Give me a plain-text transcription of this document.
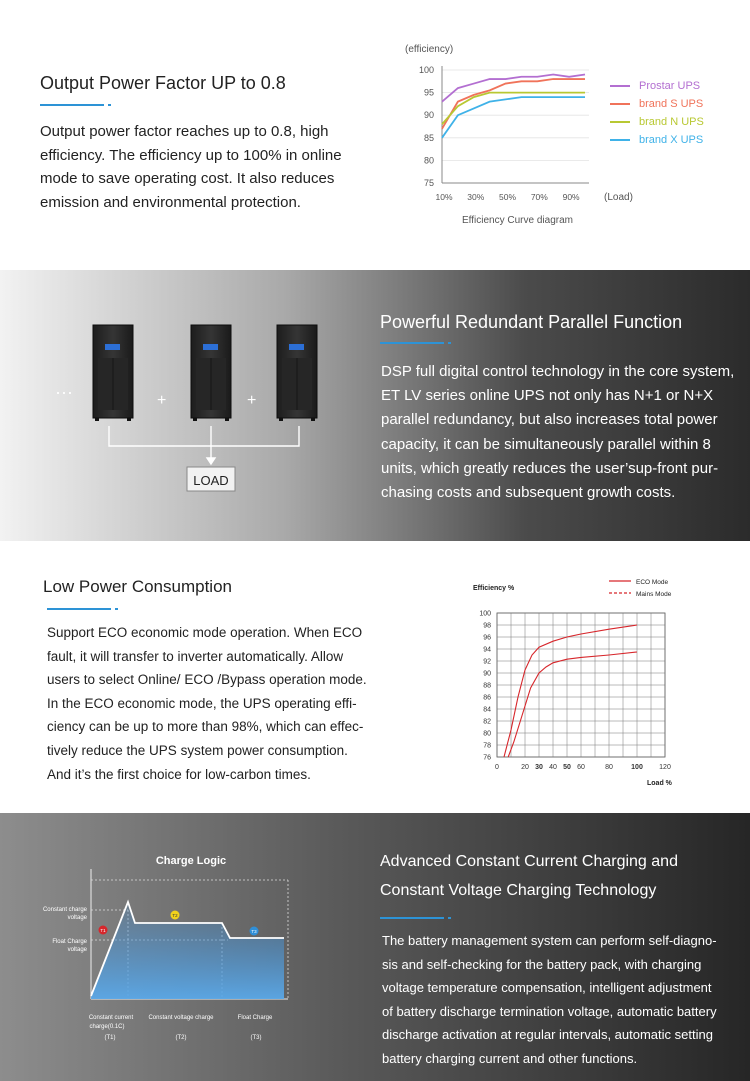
Output Power Factor UP to 0.8

Output power factor reaches up to 0.8, high efficiency. The efficiency up to 100% in online mode to save operating cost. It also reduces emission and environmental protection.

(efficiency)
75
80
85
90
95
100
10% 30% 50% 70% 90% (Load)
Efficiency Curve diagram
Prostar UPS
brand S UPS
brand N UPS
brand X UPS
···	+	+
LOAD
Powerful Redundant Parallel Function
DSP full digital control technology in the core system,
ET LV series online UPS not only has N+1 or N+X
parallel redundancy, but also increases total power
capacity, it can be simultaneously parallel within 8
units, which greatly reduces the user’sup-front pur-
chasing costs and subsequent growth costs.
Low Power Consumption
Support ECO economic mode operation. When ECO
fault, it will transfer to inverter automatically. Allow
users to select Online/ ECO /Bypass operation mode.
In the ECO economic mode, the UPS operating effi-
ciency can be up to more than 98%, which can effec-
tively reduce the UPS system power consumption.
And it’s the first choice for low-carbon times.
Efficiency %
ECO Mode
Mains Mode
76
78
80
82
84
86
88
90
92
94
96
98
100
0	20 30 40 50 60	80	100 120
Load %
Charge Logic
Constant charge
voltage
Float Charge
voltage
T1
T2
T3
Constant current
charge(0.1C)
(T1)
Constant voltage charge
(T2)
Float Charge
(T3)
Advanced Constant Current Charging and
Constant Voltage Charging Technology
The battery management system can perform self-diagno-
sis and self-checking for the battery pack, with charging
voltage temperature compensation, intelligent adjustment
of battery discharge termination voltage, automatic battery
discharge activation at regular intervals, automatic setting
battery charging current and other functions.
